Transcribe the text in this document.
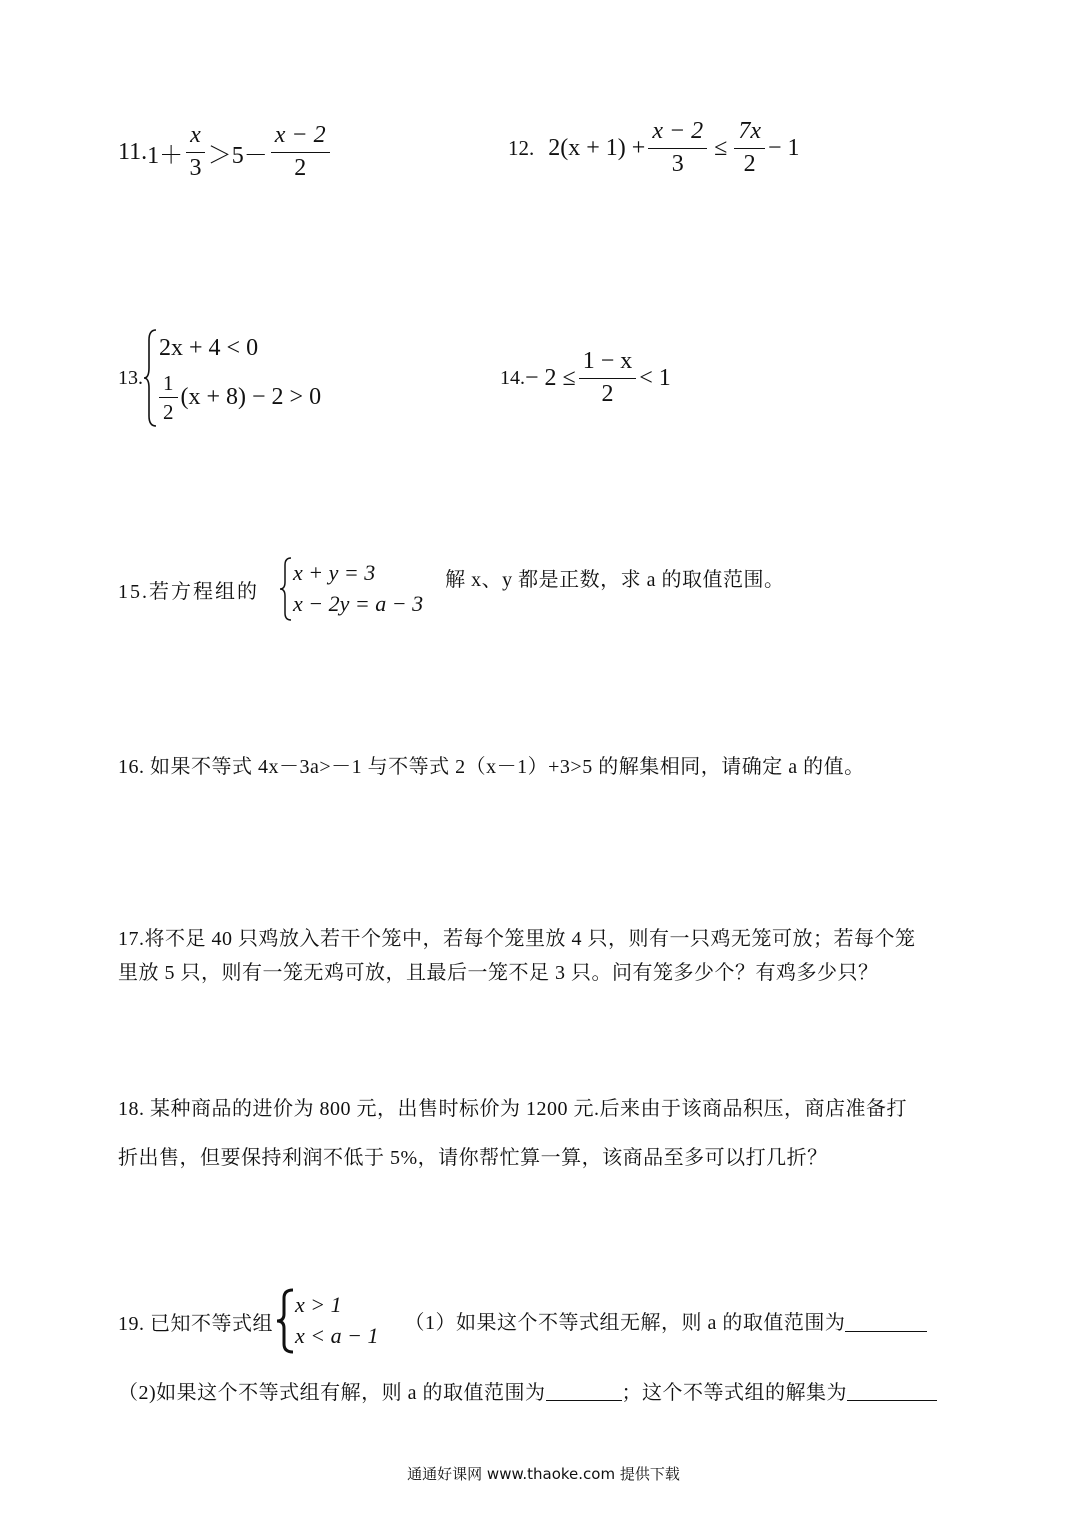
11. $1+ \frac{x}{3} >5- \frac{x - 2}{2}$	12. $2(x + 1) + \frac{x - 2}{3} \le \frac{7x}{2} - 1$
13.
2x + 4 < 0
$\frac{1}{2} (x + 8) - 2 > 0$
14. − $2 \le \frac{1 - x}{2} < 1$
15.若方程组的
x + y = 3
x − 2y = a − 3
解 x、y 都是正数，求 a 的取值范围。
16. 如果不等式 4x－3a>－1 与不等式 2（x－1）+3>5 的解集相同，请确定 a 的值。
17.将不足 40 只鸡放入若干个笼中，若每个笼里放 4 只，则有一只鸡无笼可放；若每个笼
里放 5 只，则有一笼无鸡可放，且最后一笼不足 3 只。问有笼多少个？有鸡多少只？
18. 某种商品的进价为 800 元，出售时标价为 1200 元.后来由于该商品积压，商店准备打
折出售，但要保持利润不低于 5%，请你帮忙算一算，该商品至多可以打几折？
19. 已知不等式组
x > 1
x < a − 1
（1）如果这个不等式组无解，则 a 的取值范围为
（2)如果这个不等式组有解，则 a 的取值范围为	；这个不等式组的解集为
通通好课网 www.thaoke.com 提供下载
